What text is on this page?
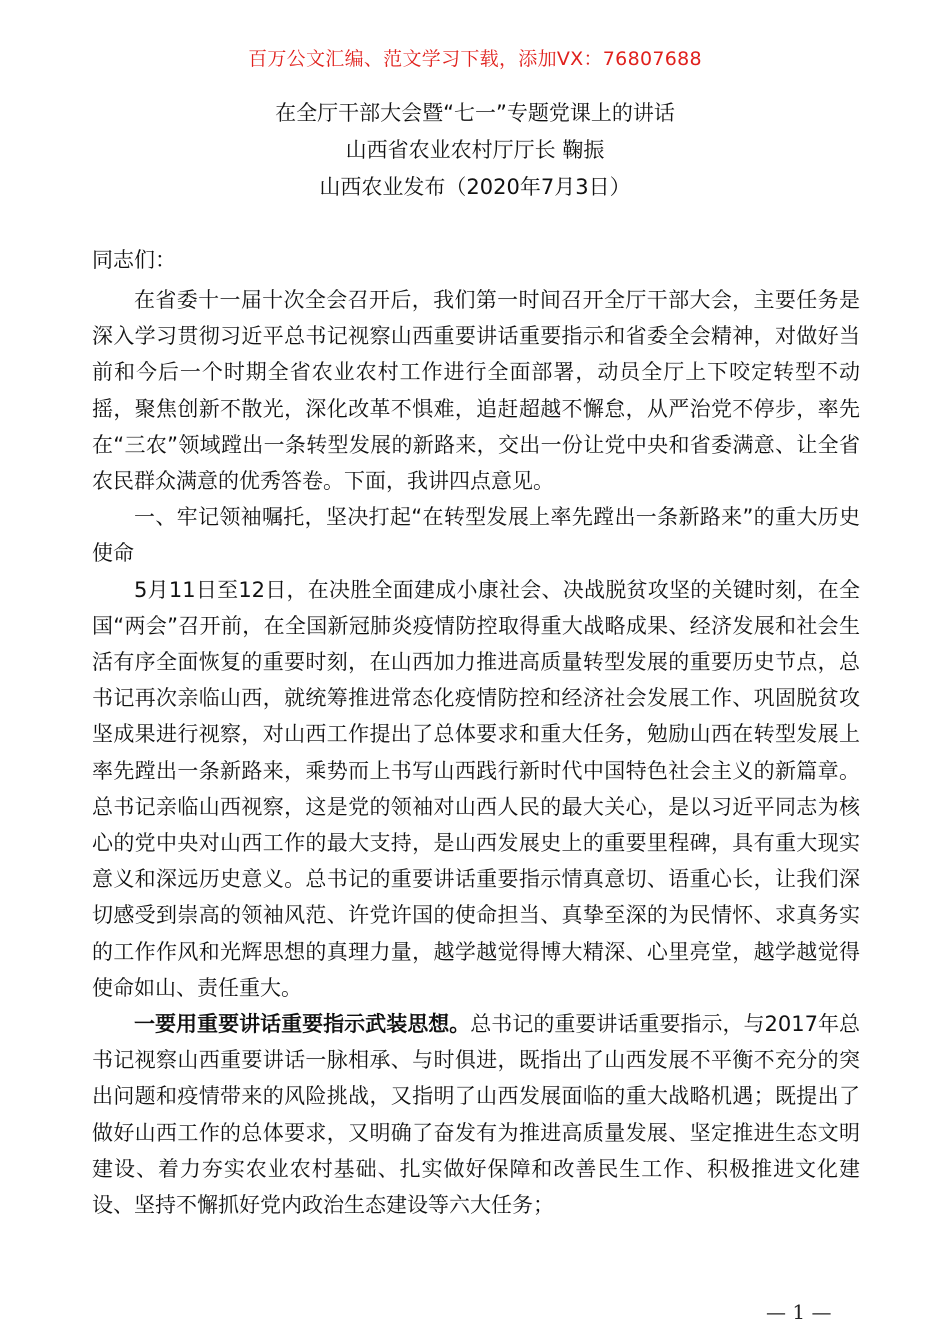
百万公文汇编、范文学习下载，添加VX：76807688
在全厅干部大会暨“七一”专题党课上的讲话
山西省农业农村厅厅长 鞠振
山西农业发布（2020年7月3日）
同志们：

在省委十一届十次全会召开后，我们第一时间召开全厅干部大会，主要任务是深入学习贯彻习近平总书记视察山西重要讲话重要指示和省委全会精神，对做好当前和今后一个时期全省农业农村工作进行全面部署，动员全厅上下咬定转型不动摇，聚焦创新不散光，深化改革不惧难，追赶超越不懈怠，从严治党不停步，率先在“三农”领域蹚出一条转型发展的新路来，交出一份让党中央和省委满意、让全省农民群众满意的优秀答卷。下面，我讲四点意见。

一、牢记领袖嘱托，坚决打起“在转型发展上率先蹚出一条新路来”的重大历史使命

5月11日至12日，在决胜全面建成小康社会、决战脱贫攻坚的关键时刻，在全国“两会”召开前，在全国新冠肺炎疫情防控取得重大战略成果、经济发展和社会生活有序全面恢复的重要时刻，在山西加力推进高质量转型发展的重要历史节点，总书记再次亲临山西，就统筹推进常态化疫情防控和经济社会发展工作、巩固脱贫攻坚成果进行视察，对山西工作提出了总体要求和重大任务，勉励山西在转型发展上率先蹚出一条新路来，乘势而上书写山西践行新时代中国特色社会主义的新篇章。总书记亲临山西视察，这是党的领袖对山西人民的最大关心，是以习近平同志为核心的党中央对山西工作的最大支持，是山西发展史上的重要里程碑，具有重大现实意义和深远历史意义。总书记的重要讲话重要指示情真意切、语重心长，让我们深切感受到崇高的领袖风范、许党许国的使命担当、真挚至深的为民情怀、求真务实的工作作风和光辉思想的真理力量，越学越觉得博大精深、心里亮堂，越学越觉得使命如山、责任重大。

一要用重要讲话重要指示武装思想。总书记的重要讲话重要指示，与2017年总书记视察山西重要讲话一脉相承、与时俱进，既指出了山西发展不平衡不充分的突出问题和疫情带来的风险挑战，又指明了山西发展面临的重大战略机遇；既提出了做好山西工作的总体要求，又明确了奋发有为推进高质量发展、坚定推进生态文明建设、着力夯实农业农村基础、扎实做好保障和改善民生工作、积极推进文化建设、坚持不懈抓好党内政治生态建设等六大任务；

— 1 —
